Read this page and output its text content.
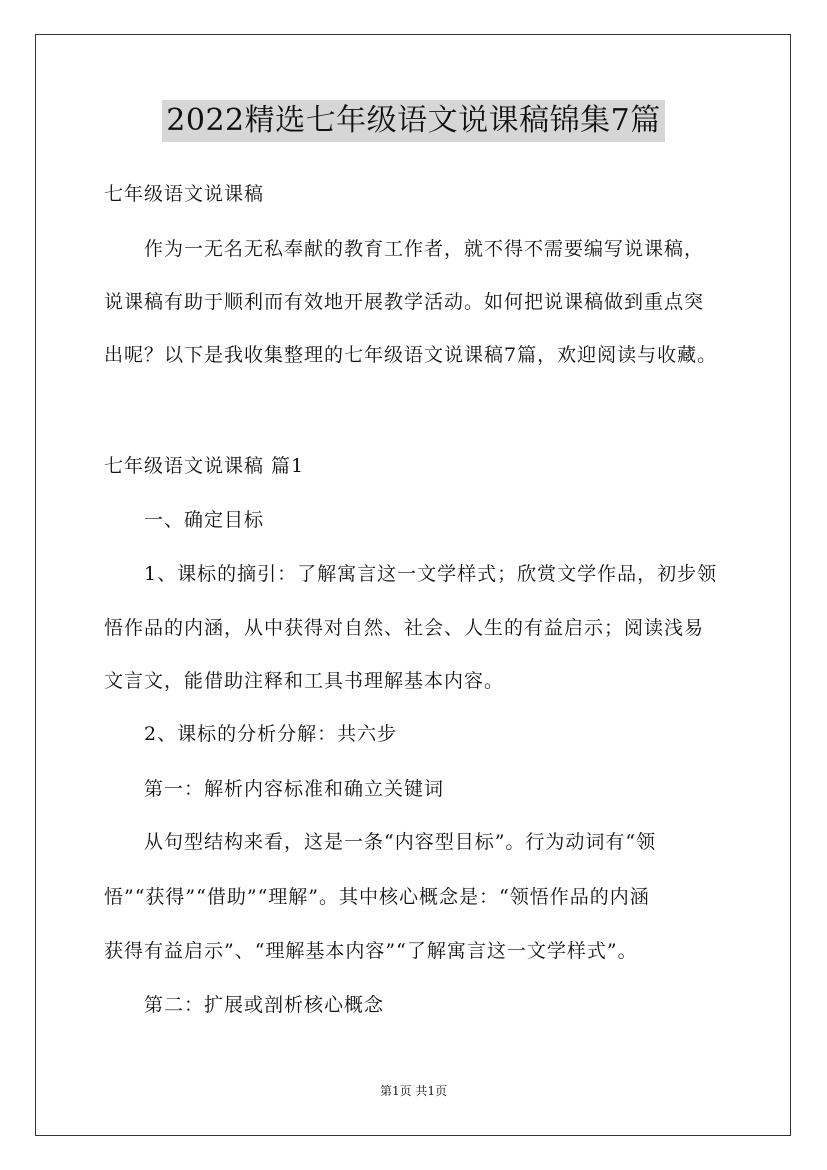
2022精选七年级语文说课稿锦集7篇
七年级语文说课稿
作为一无名无私奉献的教育工作者，就不得不需要编写说课稿，
说课稿有助于顺利而有效地开展教学活动。如何把说课稿做到重点突
出呢？以下是我收集整理的七年级语文说课稿7篇，欢迎阅读与收藏。
七年级语文说课稿 篇1
一、确定目标
1、课标的摘引：了解寓言这一文学样式；欣赏文学作品，初步领
悟作品的内涵，从中获得对自然、社会、人生的有益启示；阅读浅易
文言文，能借助注释和工具书理解基本内容。
2、课标的分析分解：共六步
第一：解析内容标准和确立关键词
从句型结构来看，这是一条“内容型目标”。行为动词有“领
悟”“获得”“借助”“理解”。其中核心概念是：“领悟作品的内涵
获得有益启示”、“理解基本内容”“了解寓言这一文学样式”。
第二：扩展或剖析核心概念
第1页 共1页
